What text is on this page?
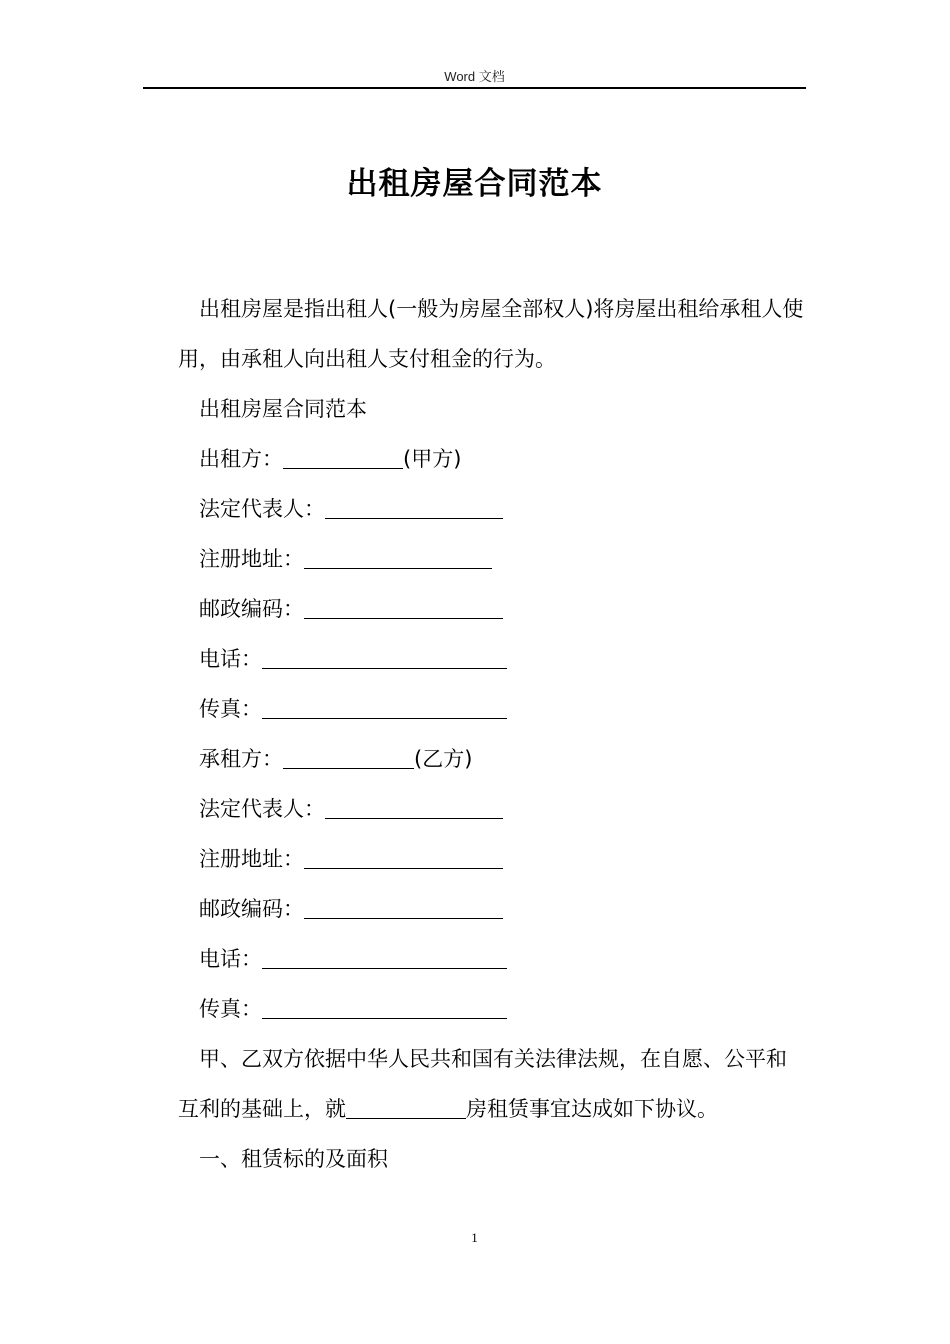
Word 文档
出租房屋合同范本

出租房屋是指出租人(一般为房屋全部权人)将房屋出租给承租人使用，由承租人向出租人支付租金的行为。

出租房屋合同范本

出租方：	(甲方)

法定代表人：

注册地址：

邮政编码：

电话：

传真：

承租方：	(乙方)

法定代表人：

注册地址：

邮政编码：

电话：

传真：

甲、乙双方依据中华人民共和国有关法律法规，在自愿、公平和互利的基础上，就	房租赁事宜达成如下协议。

一、租赁标的及面积

1
